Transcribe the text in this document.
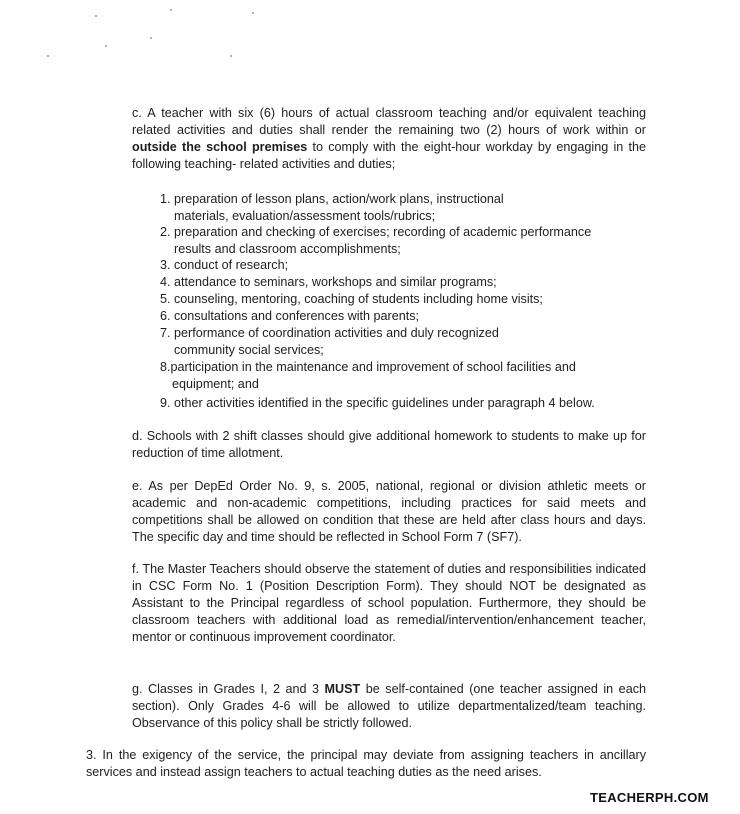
c. A teacher with six (6) hours of actual classroom teaching and/or equivalent teaching related activities and duties shall render the remaining two (2) hours of work within or outside the school premises to comply with the eight-hour workday by engaging in the following teaching- related activities and duties;
1. preparation of lesson plans, action/work plans, instructional
materials, evaluation/assessment tools/rubrics;
2. preparation and checking of exercises; recording of academic performance
results and classroom accomplishments;
3. conduct of research;
4. attendance to seminars, workshops and similar programs;
5. counseling, mentoring, coaching of students including home visits;
6. consultations and conferences with parents;
7. performance of coordination activities and duly recognized
community social services;
8.participation in the maintenance and improvement of school facilities and
equipment; and
9. other activities identified in the specific guidelines under paragraph 4 below.
d. Schools with 2 shift classes should give additional homework to students to make up for reduction of time allotment.
e. As per DepEd Order No. 9, s. 2005, national, regional or division athletic meets or academic and non-academic competitions, including practices for said meets and competitions shall be allowed on condition that these are held after class hours and days. The specific day and time should be reflected in School Form 7 (SF7).
f. The Master Teachers should observe the statement of duties and responsibilities indicated in CSC Form No. 1 (Position Description Form). They should NOT be designated as Assistant to the Principal regardless of school population. Furthermore, they should be classroom teachers with additional load as remedial/intervention/enhancement teacher, mentor or continuous improvement coordinator.
g. Classes in Grades I, 2 and 3 MUST be self-contained (one teacher assigned in each section). Only Grades 4-6 will be allowed to utilize departmentalized/team teaching. Observance of this policy shall be strictly followed.
3. In the exigency of the service, the principal may deviate from assigning teachers in ancillary services and instead assign teachers to actual teaching duties as the need arises.
TEACHERPH.COM
